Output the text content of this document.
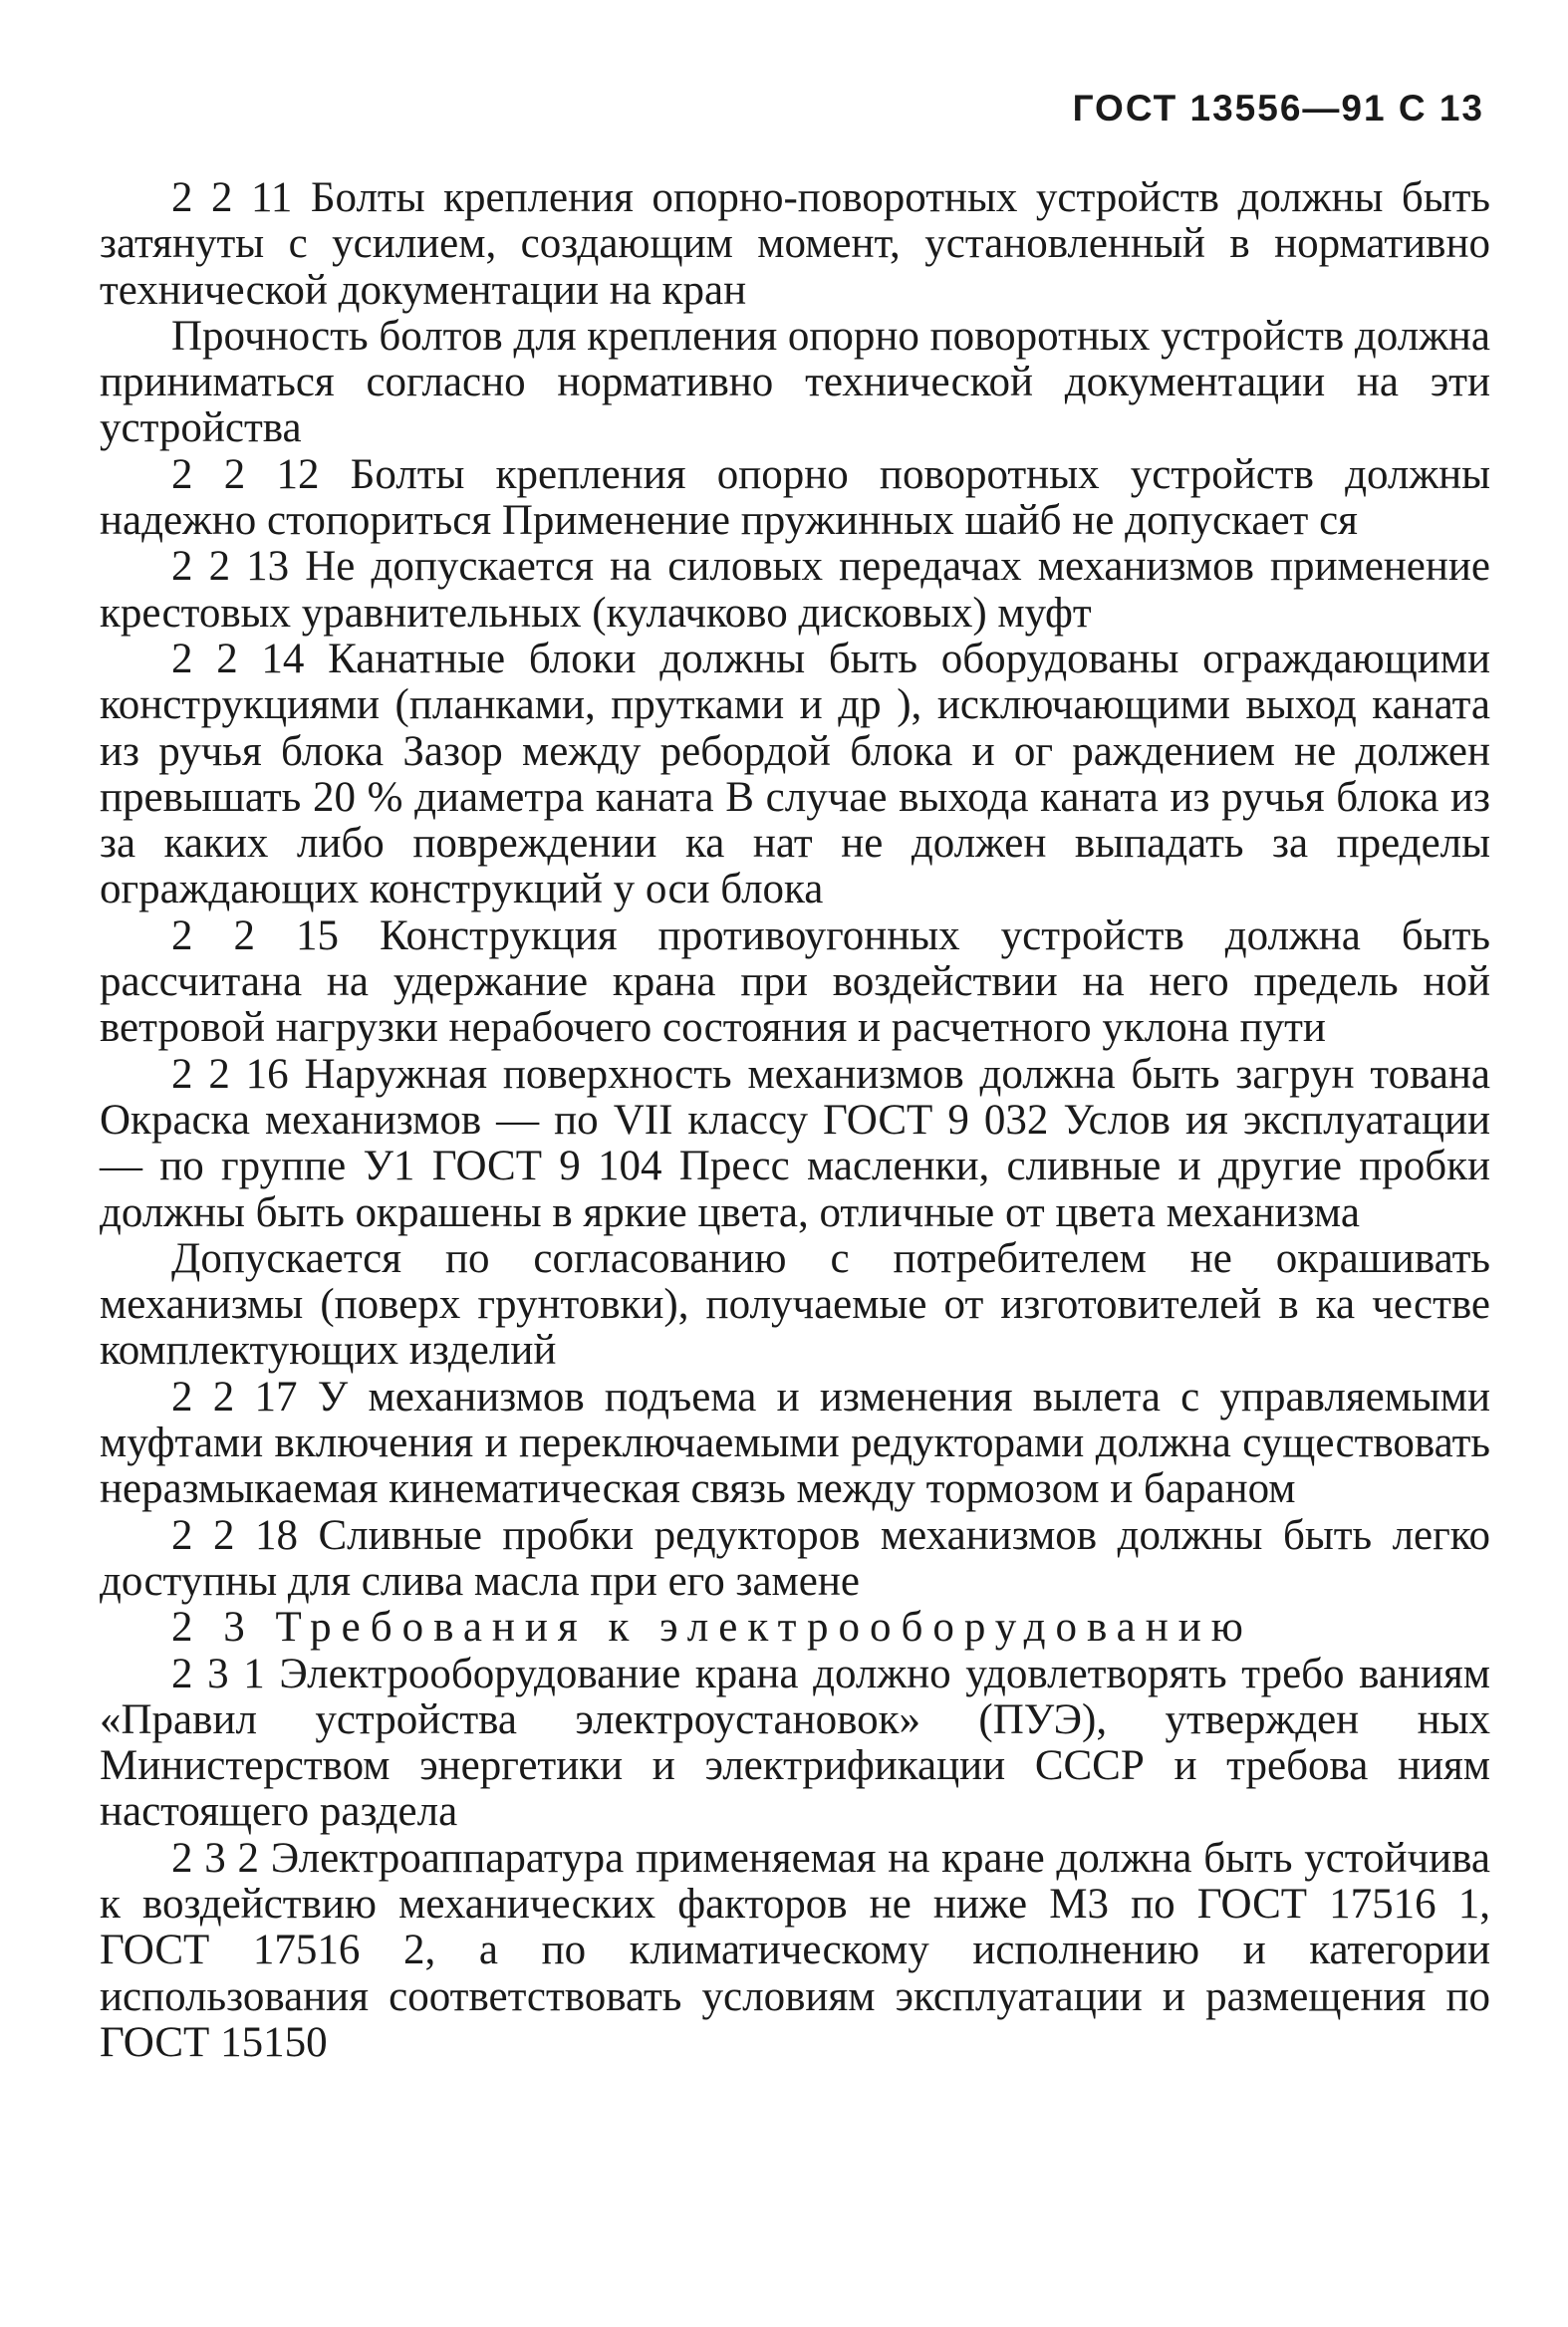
ГОСТ 13556—91 С 13

2 2 11 Болты крепления опорно-поворотных устройств должны быть затянуты с усилием, создающим момент, установленный в нормативно технической документации на кран

Прочность болтов для крепления опорно поворотных устройств должна приниматься согласно нормативно технической документации на эти устройства

2 2 12 Болты крепления опорно поворотных устройств должны надежно стопориться Применение пружинных шайб не допускает ся

2 2 13 Не допускается на силовых передачах механизмов применение крестовых уравнительных (кулачково дисковых) муфт

2 2 14 Канатные блоки должны быть оборудованы ограждающими конструкциями (планками, прутками и др ), исключающими выход каната из ручья блока Зазор между ребордой блока и ог раждением не должен превышать 20 % диаметра каната В случае выхода каната из ручья блока из за каких либо повреждении ка нат не должен выпадать за пределы ограждающих конструкций у оси блока

2 2 15 Конструкция противоугонных устройств должна быть рассчитана на удержание крана при воздействии на него предель ной ветровой нагрузки нерабочего состояния и расчетного уклона пути

2 2 16 Наружная поверхность механизмов должна быть загрун тована Окраска механизмов — по VII классу ГОСТ 9 032 Услов ия эксплуатации — по группе У1 ГОСТ 9 104 Пресс масленки, сливные и другие пробки должны быть окрашены в яркие цвета, отличные от цвета механизма

Допускается по согласованию с потребителем не окрашивать механизмы (поверх грунтовки), получаемые от изготовителей в ка честве комплектующих изделий

2 2 17 У механизмов подъема и изменения вылета с управляемыми муфтами включения и переключаемыми редукторами должна существовать неразмыкаемая кинематическая связь между тормозом и бараном

2 2 18 Сливные пробки редукторов механизмов должны быть легко доступны для слива масла при его замене

2 3 Требования к электрооборудованию

2 3 1 Электрооборудование крана должно удовлетворять требо ваниям «Правил устройства электроустановок» (ПУЭ), утвержден ных Министерством энергетики и электрификации СССР и требова ниям настоящего раздела

2 3 2 Электроаппаратура применяемая на кране должна быть устойчива к воздействию механических факторов не ниже М3 по ГОСТ 17516 1, ГОСТ 17516 2, а по климатическому исполнению и категории использования соответствовать условиям эксплуатации и размещения по ГОСТ 15150
